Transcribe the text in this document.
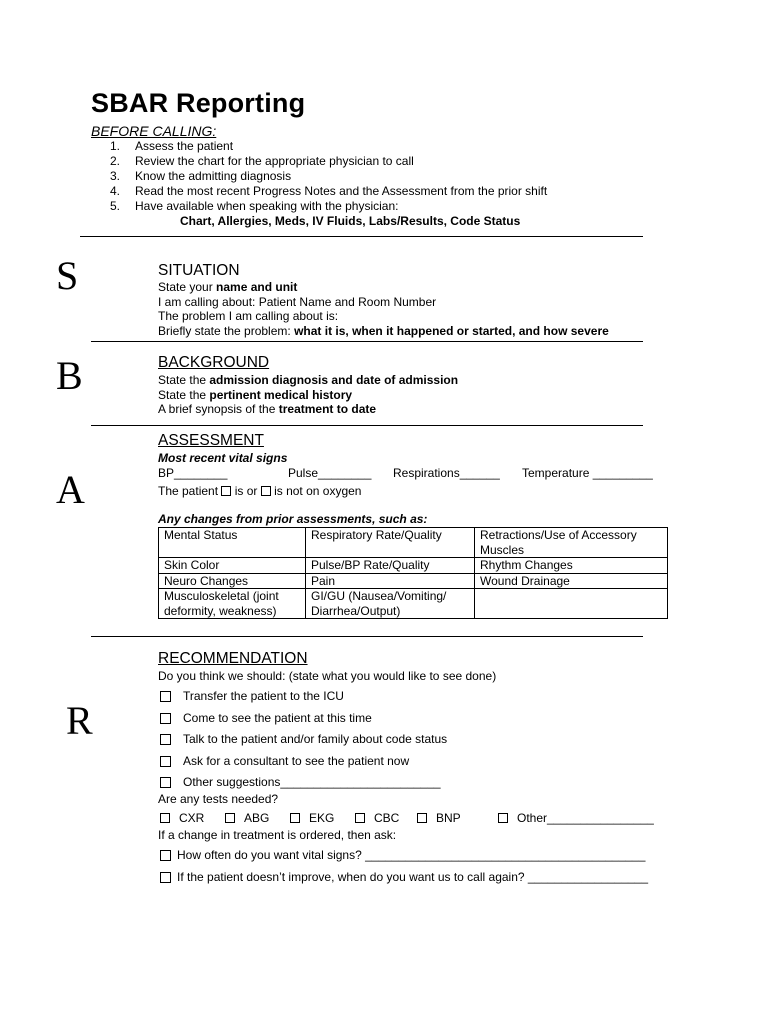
SBAR Reporting
BEFORE CALLING:
1.	Assess the patient
2.	Review the chart for the appropriate physician to call
3.	Know the admitting diagnosis
4.	Read the most recent Progress Notes and the Assessment from the prior shift
5.	Have available when speaking with the physician:
Chart, Allergies, Meds, IV Fluids, Labs/Results, Code Status
S	SITUATION
State your name and unit
I am calling about: Patient Name and Room Number
The problem I am calling about is:
Briefly state the problem: what it is, when it happened or started, and how severe
B	BACKGROUND
State the admission diagnosis and date of admission
State the pertinent medical history
A brief synopsis of the treatment to date
A
ASSESSMENT
Most recent vital signs
BP________	Pulse________ Respirations______ Temperature _________
The patient  is or is not on oxygen
Any changes from prior assessments, such as:
Mental Status	Respiratory Rate/Quality	Retractions/Use of Accessory Muscles
Skin Color	Pulse/BP Rate/Quality	Rhythm Changes
Neuro Changes	Pain	Wound Drainage
Musculoskeletal (joint deformity, weakness)	GI/GU (Nausea/Vomiting/ Diarrhea/Output)	
R
RECOMMENDATION
Do you think we should: (state what you would like to see done)
Transfer the patient to the ICU
Come to see the patient at this time
Talk to the patient and/or family about code status
Ask for a consultant to see the patient now
Other suggestions________________________
Are any tests needed?
CXR	ABG	EKG	CBC	BNP	Other________________
If a change in treatment is ordered, then ask:
How often do you want vital signs? __________________________________________
If the patient doesn’t improve, when do you want us to call again? __________________
